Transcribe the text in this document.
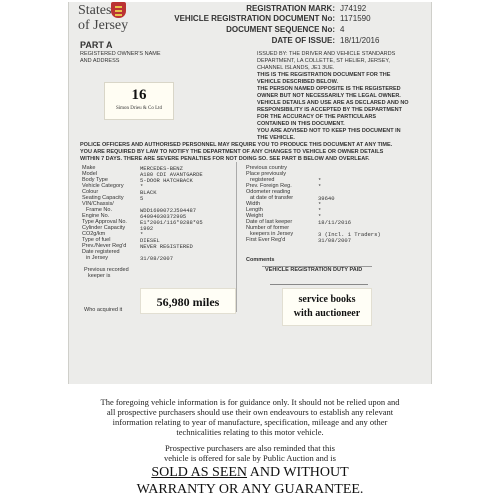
States
of Jersey
REGISTRATION MARK: J74192
VEHICLE REGISTRATION DOCUMENT No: 1171590
DOCUMENT SEQUENCE No: 4
DATE OF ISSUE: 18/11/2016
PART A
REGISTERED OWNER'S NAME
AND ADDRESS
16
Simon Drieu & Co Ltd
ISSUED BY: THE DRIVER AND VEHICLE STANDARDS
DEPARTMENT, LA COLLETTE, ST HELIER, JERSEY,
CHANNEL ISLANDS, JE1 3UE.
THIS IS THE REGISTRATION DOCUMENT FOR THE
VEHICLE DESCRIBED BELOW.
THE PERSON NAMED OPPOSITE IS THE REGISTERED
OWNER BUT NOT NECESSARILY THE LEGAL OWNER.
VEHICLE DETAILS AND USE ARE AS DECLARED AND NO
RESPONSIBILITY IS ACCEPTED BY THE DEPARTMENT
FOR THE ACCURACY OF THE PARTICULARS
CONTAINED IN THIS DOCUMENT.
YOU ARE ADVISED NOT TO KEEP THIS DOCUMENT IN
THE VEHICLE.
POLICE OFFICERS AND AUTHORISED PERSONNEL MAY REQUIRE YOU TO PRODUCE THIS DOCUMENT AT ANY TIME.
YOU ARE REQUIRED BY LAW TO NOTIFY THE DEPARTMENT OF ANY CHANGES TO VEHICLE OR OWNER DETAILS
WITHIN 7 DAYS. THERE ARE SEVERE PENALTIES FOR NOT DOING SO. SEE PART B BELOW AND OVERLEAF.
Make	MERCEDES-BENZ
Model	A180 CDI AVANTGARDE
Body Type	5-DOOR HATCHBACK
Vehicle Category	*
Colour	BLACK
Seating Capacity	5
VIN/Chassis/
Frame No.	WDD1690072J504487
Engine No.	64094030372905
Type Approval No. E1*2001/116*0288*05
Cylinder Capacity	1992
CO2g/km	*
Type of fuel	DIESEL
Prev./Never Reg'd NEVER REGISTERED
Date registered
in Jersey	31/08/2007
Previous recorded
keeper is
Who acquired it
Previous country
Place previously
registered	*
Prev. Foreign Reg.	*
Odometer reading
at date of transfer	39640
Width	*
Length	*
Weight	*
Date of last keeper	18/11/2016
Number of former
keepers in Jersey	3 (Incl. 1 Traders)
First Ever Reg'd	31/08/2007
Comments
VEHICLE REGISTRATION DUTY PAID
56,980 miles	service books
with auctioneer
The foregoing vehicle information is for guidance only. It should not be relied upon and
all prospective purchasers should use their own endeavours to establish any relevant
information relating to year of manufacture, specification, mileage and any other
technicalities relating to this motor vehicle.
Prospective purchasers are also reminded that this
vehicle is offered for sale by Public Auction and is
SOLD AS SEEN AND WITHOUT
WARRANTY OR ANY GUARANTEE.
